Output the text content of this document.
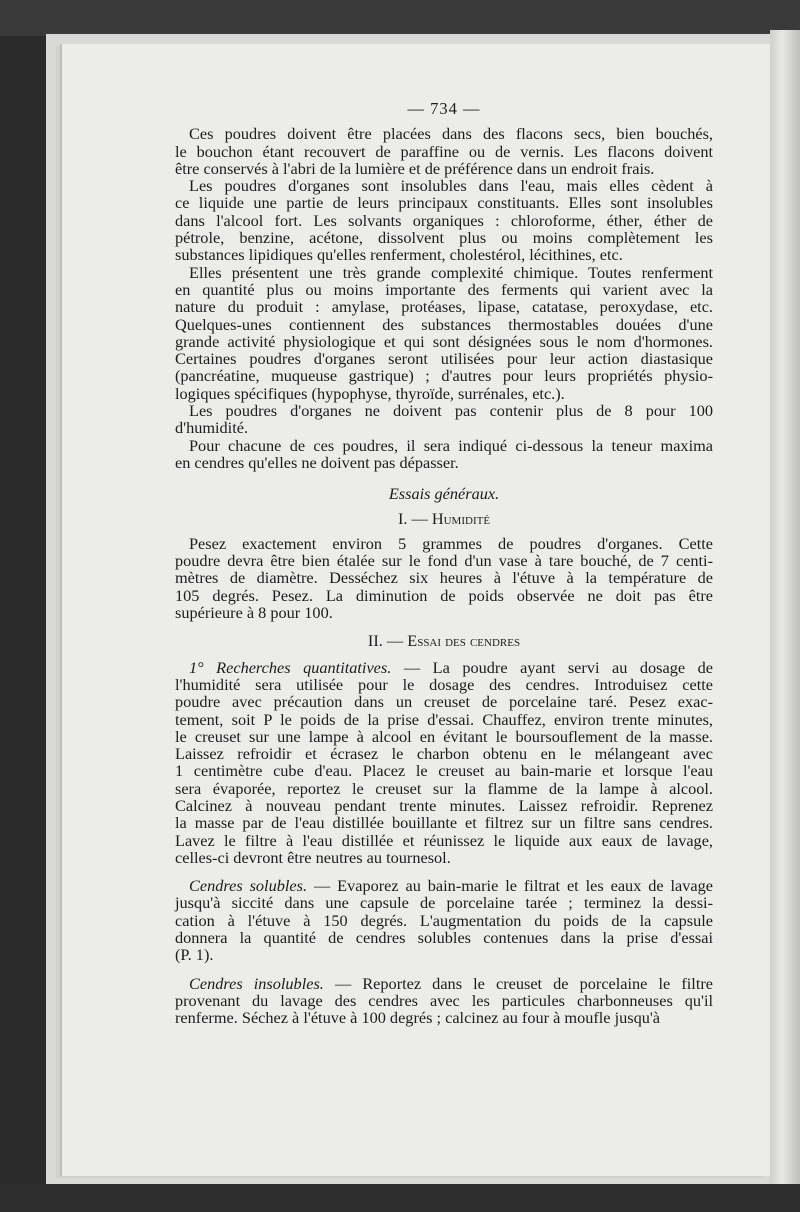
— 734 —
Ces poudres doivent être placées dans des flacons secs, bien bouchés,
le bouchon étant recouvert de paraffine ou de vernis. Les flacons doivent
être conservés à l'abri de la lumière et de préférence dans un endroit frais.
Les poudres d'organes sont insolubles dans l'eau, mais elles cèdent à
ce liquide une partie de leurs principaux constituants. Elles sont insolubles
dans l'alcool fort. Les solvants organiques : chloroforme, éther, éther de
pétrole, benzine, acétone, dissolvent plus ou moins complètement les
substances lipidiques qu'elles renferment, cholestérol, lécithines, etc.
Elles présentent une très grande complexité chimique. Toutes renferment
en quantité plus ou moins importante des ferments qui varient avec la
nature du produit : amylase, protéases, lipase, catatase, peroxydase, etc.
Quelques-unes contiennent des substances thermostables douées d'une
grande activité physiologique et qui sont désignées sous le nom d'hormones.
Certaines poudres d'organes seront utilisées pour leur action diastasique
(pancréatine, muqueuse gastrique) ; d'autres pour leurs propriétés physio-
logiques spécifiques (hypophyse, thyroïde, surrénales, etc.).
Les poudres d'organes ne doivent pas contenir plus de 8 pour 100
d'humidité.
Pour chacune de ces poudres, il sera indiqué ci-dessous la teneur maxima
en cendres qu'elles ne doivent pas dépasser.

Essais généraux.

I. — Humidité

Pesez exactement environ 5 grammes de poudres d'organes. Cette
poudre devra être bien étalée sur le fond d'un vase à tare bouché, de 7 centi-
mètres de diamètre. Desséchez six heures à l'étuve à la température de
105 degrés. Pesez. La diminution de poids observée ne doit pas être
supérieure à 8 pour 100.

II. — Essai des cendres

1° Recherches quantitatives. — La poudre ayant servi au dosage de
l'humidité sera utilisée pour le dosage des cendres. Introduisez cette
poudre avec précaution dans un creuset de porcelaine taré. Pesez exac-
tement, soit P le poids de la prise d'essai. Chauffez, environ trente minutes,
le creuset sur une lampe à alcool en évitant le boursouflement de la masse.
Laissez refroidir et écrasez le charbon obtenu en le mélangeant avec
1 centimètre cube d'eau. Placez le creuset au bain-marie et lorsque l'eau
sera évaporée, reportez le creuset sur la flamme de la lampe à alcool.
Calcinez à nouveau pendant trente minutes. Laissez refroidir. Reprenez
la masse par de l'eau distillée bouillante et filtrez sur un filtre sans cendres.
Lavez le filtre à l'eau distillée et réunissez le liquide aux eaux de lavage,
celles-ci devront être neutres au tournesol.
Cendres solubles. — Evaporez au bain-marie le filtrat et les eaux de lavage
jusqu'à siccité dans une capsule de porcelaine tarée ; terminez la dessi-
cation à l'étuve à 150 degrés. L'augmentation du poids de la capsule
donnera la quantité de cendres solubles contenues dans la prise d'essai
(P. 1).
Cendres insolubles. — Reportez dans le creuset de porcelaine le filtre
provenant du lavage des cendres avec les particules charbonneuses qu'il
renferme. Séchez à l'étuve à 100 degrés ; calcinez au four à moufle jusqu'à
